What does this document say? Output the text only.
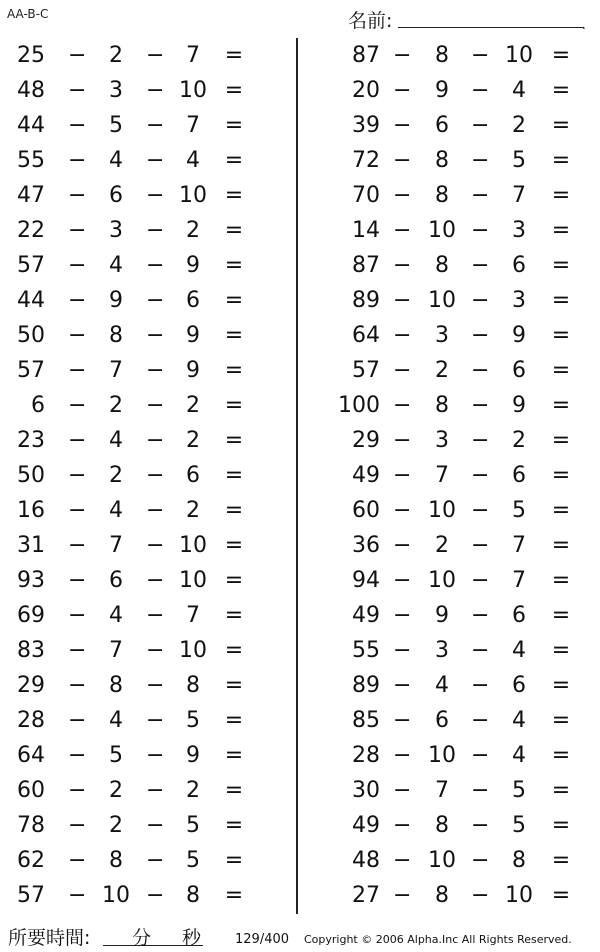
AA-B-C	名前:	.
25 −	2	− 7	=
48 −	3	− 10 =
44 −	5	− 7	=
55 −	4	− 4	=
47 −	6	− 10 =
22 −	3	− 2	=
57 −	4	− 9	=
44 −	9	− 6	=
50 −	8	− 9	=
57 −	7	− 9	=
6 −	2	− 2	=
23 −	4	− 2	=
50 −	2	− 6	=
16 −	4	− 2	=
31 −	7	− 10 =
93 −	6	− 10 =
69 −	4	− 7	=
83 −	7	− 10 =
29 −	8	− 8	=
28 −	4	− 5	=
64 −	5	− 9	=
60 −	2	− 2	=
78 −	2	− 5	=
62 −	8	− 5	=
57 − 10 − 8	=
87 −	8	− 10 =
20 −	9	−	4	=
39 −	6	−	2	=
72 −	8	−	5	=
70 −	8	−	7	=
14 − 10 −	3	=
87 −	8	−	6	=
89 − 10 −	3	=
64 −	3	−	9	=
57 −	2	−	6	=
100 −	8	−	9	=
29 −	3	−	2	=
49 −	7	−	6	=
60 − 10 −	5	=
36 −	2	−	7	=
94 − 10 −	7	=
49 −	9	−	6	=
55 −	3	−	4	=
89 −	4	−	6	=
85 −	6	−	4	=
28 − 10 −	4	=
30 −	7	−	5	=
49 −	8	−	5	=
48 − 10 −	8	=
27 −	8	− 10 =
所要時間: 分 秒	129/400 Copyright © 2006 Alpha.Inc All Rights Reserved.
